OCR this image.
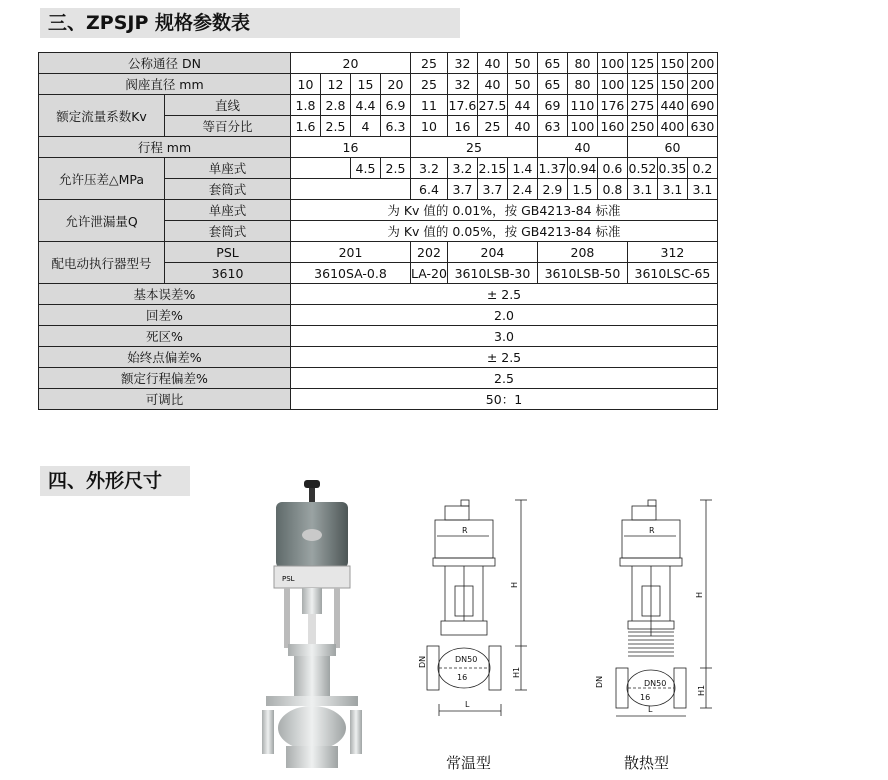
三、ZPSJP 规格参数表
公称通径 DN		20				25	32	40	50	65	80	100	125	150	200
阀座直径 mm		10	12	15	20	25	32	40	50	65	80	100	125	150	200
额定流量系数Kv	直线	1.8	2.8	4.4	6.9	11	17.6	27.5	44	69	110	176	275	440	690
	等百分比	1.6	2.5	4	6.3	10	16	25	40	63	100	160	250	400	630
行程 mm		16				25				40			60		
允许压差△MPa	单座式			4.5	2.5	3.2	3.2	2.15	1.4	1.37	0.94	0.6	0.52	0.35	0.2
	套筒式					6.4	3.7	3.7	2.4	2.9	1.5	0.8	3.1	3.1	3.1
允许泄漏量Q	单座式	为 Kv 值的 0.01%，按 GB4213-84 标准													
	套筒式	为 Kv 值的 0.05%，按 GB4213-84 标准													
配电动执行器型号	PSL	201				202	204			208			312		
	3610	3610SA-0.8				LA-20	3610LSB-30			3610LSB-50			3610LSC-65		
基本误差%		± 2.5													
回差%		2.0													
死区%		3.0													
始终点偏差%		± 2.5													
额定行程偏差%		2.5													
可调比		50：1													
四、外形尺寸
PSL
R
H
DN	DN50
16	H1
L
R
H
DN	DN50
16
H1
L
常温型	散热型
